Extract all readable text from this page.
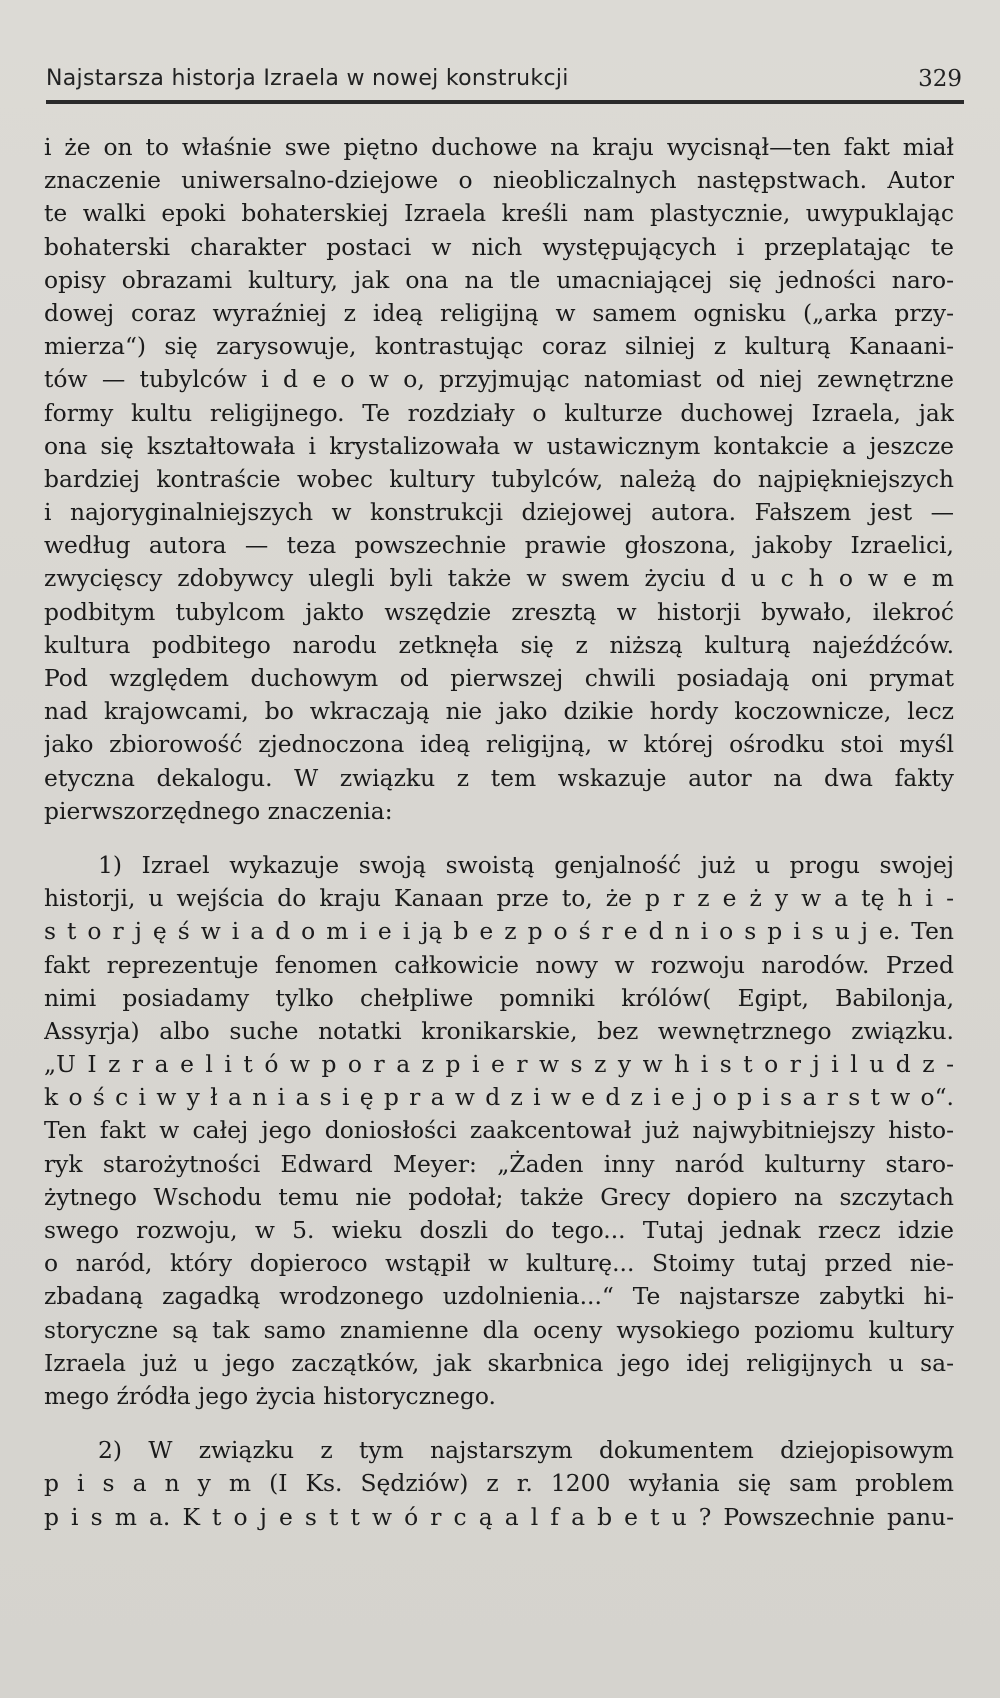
Najstarsza historja Izraela w nowej konstrukcji	329
i że on to właśnie swe piętno duchowe na kraju wycisnął—ten fakt miał
znaczenie uniwersalno-dziejowe o nieobliczalnych następstwach. Autor
te walki epoki bohaterskiej Izraela kreśli nam plastycznie, uwypuklając
bohaterski charakter postaci w nich występujących i przeplatając te
opisy obrazami kultury, jak ona na tle umacniającej się jedności naro-
dowej coraz wyraźniej z ideą religijną w samem ognisku („arka przy-
mierza“) się zarysowuje, kontrastując coraz silniej z kulturą Kanaani-
tów — tubylców i d e o w o, przyjmując natomiast od niej zewnętrzne
formy kultu religijnego. Te rozdziały o kulturze duchowej Izraela, jak
ona się kształtowała i krystalizowała w ustawicznym kontakcie a jeszcze
bardziej kontraście wobec kultury tubylców, należą do najpiękniejszych
i najoryginalniejszych w konstrukcji dziejowej autora. Fałszem jest —
według autora — teza powszechnie prawie głoszona, jakoby Izraelici,
zwycięscy zdobywcy ulegli byli także w swem życiu d u c h o w e m
podbitym tubylcom jakto wszędzie zresztą w historji bywało, ilekroć
kultura podbitego narodu zetknęła się z niższą kulturą najeźdźców.
Pod względem duchowym od pierwszej chwili posiadają oni prymat
nad krajowcami, bo wkraczają nie jako dzikie hordy koczownicze, lecz
jako zbiorowość zjednoczona ideą religijną, w której ośrodku stoi myśl
etyczna dekalogu. W związku z tem wskazuje autor na dwa fakty
pierwszorzędnego znaczenia:
1) Izrael wykazuje swoją swoistą genjalność już u progu swojej
historji, u wejścia do kraju Kanaan prze to, że p r z e ż y w a tę h i -
s t o r j ę ś w i a d o m i e i ją b e z p o ś r e d n i o s p i s u j e. Ten
fakt reprezentuje fenomen całkowicie nowy w rozwoju narodów. Przed
nimi posiadamy tylko chełpliwe pomniki królów( Egipt, Babilonja,
Assyrja) albo suche notatki kronikarskie, bez wewnętrznego związku.
„U I z r a e l i t ó w p o r a z p i e r w s z y w h i s t o r j i l u d z -
k o ś c i w y ł a n i a s i ę p r a w d z i w e d z i e j o p i s a r s t w o“.
Ten fakt w całej jego doniosłości zaakcentował już najwybitniejszy histo-
ryk starożytności Edward Meyer: „Żaden inny naród kulturny staro-
żytnego Wschodu temu nie podołał; także Grecy dopiero na szczytach
swego rozwoju, w 5. wieku doszli do tego... Tutaj jednak rzecz idzie
o naród, który dopieroco wstąpił w kulturę... Stoimy tutaj przed nie-
zbadaną zagadką wrodzonego uzdolnienia...“ Te najstarsze zabytki hi-
storyczne są tak samo znamienne dla oceny wysokiego poziomu kultury
Izraela już u jego zaczątków, jak skarbnica jego idej religijnych u sa-
mego źródła jego życia historycznego.
2) W związku z tym najstarszym dokumentem dziejopisowym
p i s a n y m (I Ks. Sędziów) z r. 1200 wyłania się sam problem
p i s m a. K t o j e s t t w ó r c ą a l f a b e t u ? Powszechnie panu-
